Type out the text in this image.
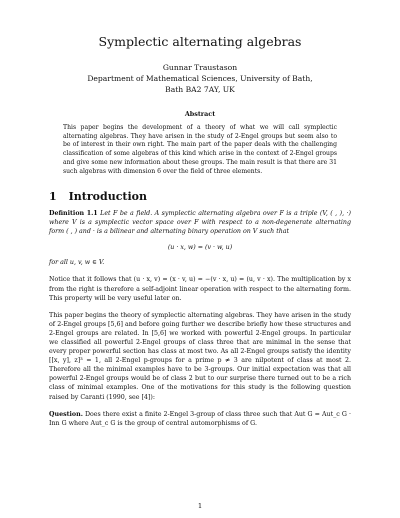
Symplectic alternating algebras
Gunnar Traustason
Department of Mathematical Sciences, University of Bath,
Bath BA2 7AY, UK
Abstract

This paper begins the development of a theory of what we will call symplectic alternating algebras. They have arisen in the study of 2-Engel groups but seem also to be of interest in their own right. The main part of the paper deals with the challenging classification of some algebras of this kind which arise in the context of 2-Engel groups and give some new information about these groups. The main result is that there are 31 such algebras with dimension 6 over the field of three elements.

1 Introduction

Definition 1.1 Let F be a field. A symplectic alternating algebra over F is a triple (V, ( , ), ·) where V is a symplectic vector space over F with respect to a non-degenerate alternating form ( , ) and · is a bilinear and alternating binary operation on V such that

(u · x, w) = (v · w, u)

for all u, v, w ∈ V.

Notice that it follows that (u · x, v) = (x · v, u) = −(v · x, u) = (u, v · x). The multiplication by x from the right is therefore a self-adjoint linear operation with respect to the alternating form. This property will be very useful later on.

This paper begins the theory of symplectic alternating algebras. They have arisen in the study of 2-Engel groups [5,6] and before going further we describe briefly how these structures and 2-Engel groups are related. In [5,6] we worked with powerful 2-Engel groups. In particular we classified all powerful 2-Engel groups of class three that are minimal in the sense that every proper powerful section has class at most two. As all 2-Engel groups satisfy the identity [[x, y], z]³ = 1, all 2-Engel p-groups for a prime p ≠ 3 are nilpotent of class at most 2. Therefore all the minimal examples have to be 3-groups. Our initial expectation was that all powerful 2-Engel groups would be of class 2 but to our surprise there turned out to be a rich class of minimal examples. One of the motivations for this study is the following question raised by Caranti (1990, see [4]):

Question. Does there exist a finite 2-Engel 3-group of class three such that Aut G = Aut_c G · Inn G where Aut_c G is the group of central automorphisms of G.

1
